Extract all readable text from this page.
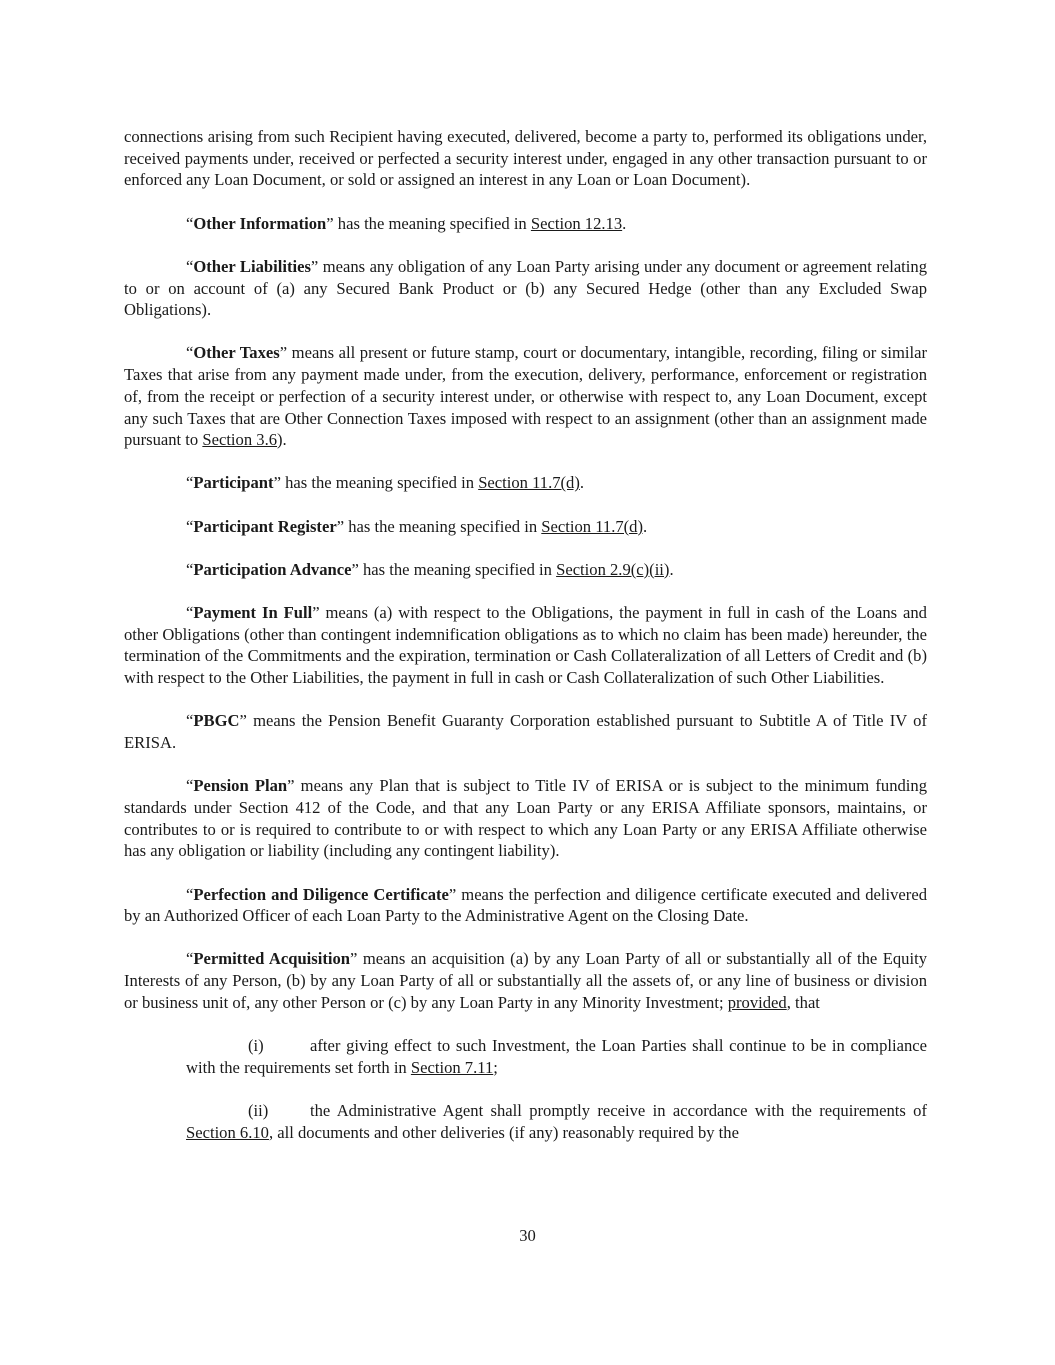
connections arising from such Recipient having executed, delivered, become a party to, performed its obligations under, received payments under, received or perfected a security interest under, engaged in any other transaction pursuant to or enforced any Loan Document, or sold or assigned an interest in any Loan or Loan Document).

“Other Information” has the meaning specified in Section 12.13.

“Other Liabilities” means any obligation of any Loan Party arising under any document or agreement relating to or on account of (a) any Secured Bank Product or (b) any Secured Hedge (other than any Excluded Swap Obligations).

“Other Taxes” means all present or future stamp, court or documentary, intangible, recording, filing or similar Taxes that arise from any payment made under, from the execution, delivery, performance, enforcement or registration of, from the receipt or perfection of a security interest under, or otherwise with respect to, any Loan Document, except any such Taxes that are Other Connection Taxes imposed with respect to an assignment (other than an assignment made pursuant to Section 3.6).

“Participant” has the meaning specified in Section 11.7(d).

“Participant Register” has the meaning specified in Section 11.7(d).

“Participation Advance” has the meaning specified in Section 2.9(c)(ii).

“Payment In Full” means (a) with respect to the Obligations, the payment in full in cash of the Loans and other Obligations (other than contingent indemnification obligations as to which no claim has been made) hereunder, the termination of the Commitments and the expiration, termination or Cash Collateralization of all Letters of Credit and (b) with respect to the Other Liabilities, the payment in full in cash or Cash Collateralization of such Other Liabilities.

“PBGC” means the Pension Benefit Guaranty Corporation established pursuant to Subtitle A of Title IV of ERISA.

“Pension Plan” means any Plan that is subject to Title IV of ERISA or is subject to the minimum funding standards under Section 412 of the Code, and that any Loan Party or any ERISA Affiliate sponsors, maintains, or contributes to or is required to contribute to or with respect to which any Loan Party or any ERISA Affiliate otherwise has any obligation or liability (including any contingent liability).

“Perfection and Diligence Certificate” means the perfection and diligence certificate executed and delivered by an Authorized Officer of each Loan Party to the Administrative Agent on the Closing Date.

“Permitted Acquisition” means an acquisition (a) by any Loan Party of all or substantially all of the Equity Interests of any Person, (b) by any Loan Party of all or substantially all the assets of, or any line of business or division or business unit of, any other Person or (c) by any Loan Party in any Minority Investment; provided, that

(i)	after giving effect to such Investment, the Loan Parties shall continue to be in compliance with the requirements set forth in Section 7.11;

(ii)	the Administrative Agent shall promptly receive in accordance with the requirements of Section 6.10, all documents and other deliveries (if any) reasonably required by the

30
